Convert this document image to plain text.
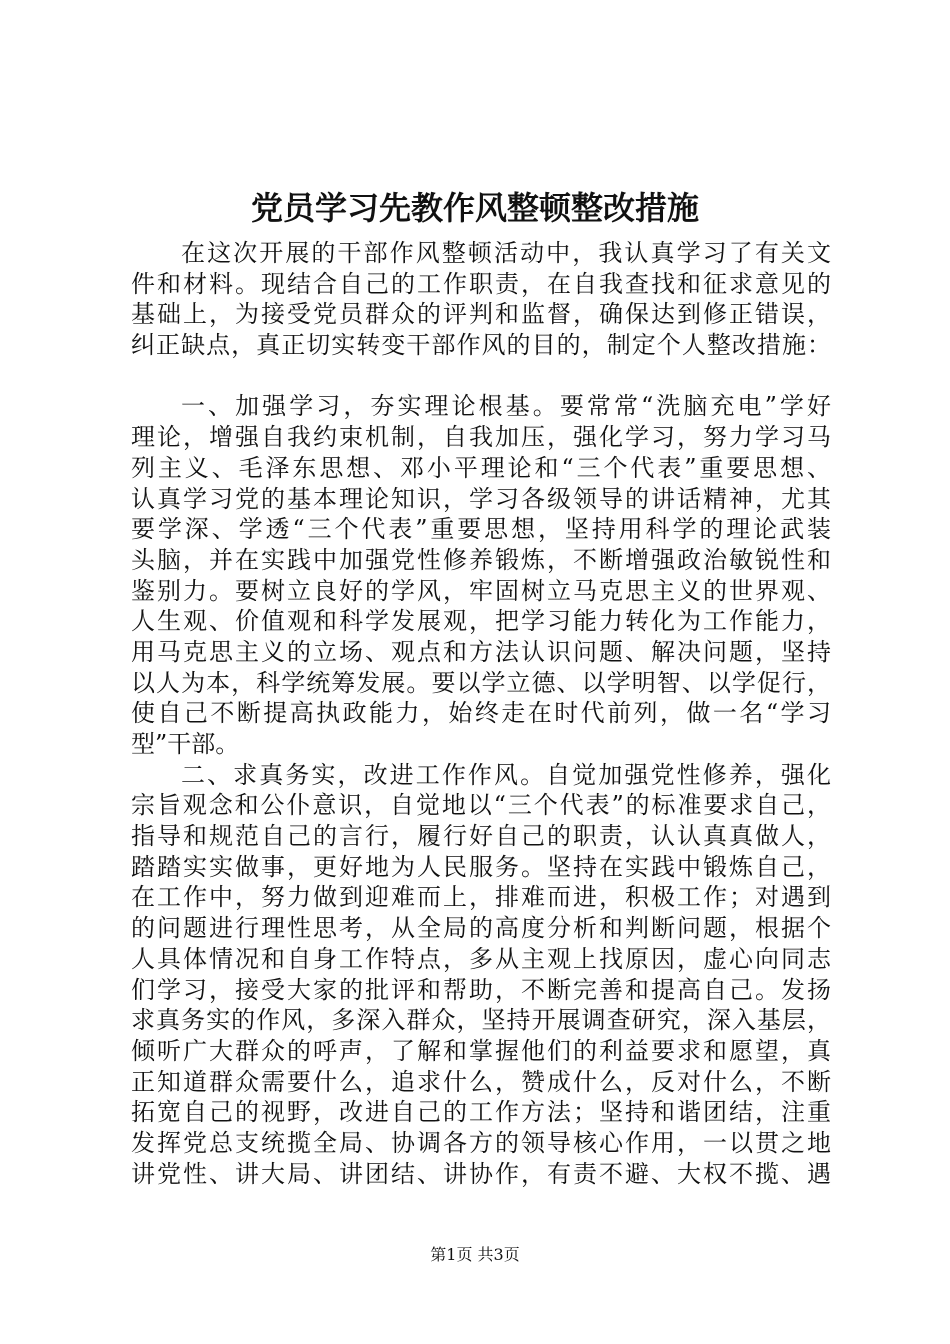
党员学习先教作风整顿整改措施
在这次开展的干部作风整顿活动中，我认真学习了有关文
件和材料。现结合自己的工作职责，在自我查找和征求意见的
基础上，为接受党员群众的评判和监督，确保达到修正错误，
纠正缺点，真正切实转变干部作风的目的，制定个人整改措施：
一、加强学习，夯实理论根基。要常常“洗脑充电”学好
理论，增强自我约束机制，自我加压，强化学习，努力学习马
列主义、毛泽东思想、邓小平理论和“三个代表”重要思想、
认真学习党的基本理论知识，学习各级领导的讲话精神，尤其
要学深、学透“三个代表”重要思想，坚持用科学的理论武装
头脑，并在实践中加强党性修养锻炼，不断增强政治敏锐性和
鉴别力。要树立良好的学风，牢固树立马克思主义的世界观、
人生观、价值观和科学发展观，把学习能力转化为工作能力，
用马克思主义的立场、观点和方法认识问题、解决问题，坚持
以人为本，科学统筹发展。要以学立德、以学明智、以学促行，
使自己不断提高执政能力，始终走在时代前列，做一名“学习
型”干部。
二、求真务实，改进工作作风。自觉加强党性修养，强化
宗旨观念和公仆意识，自觉地以“三个代表”的标准要求自己，
指导和规范自己的言行，履行好自己的职责，认认真真做人，
踏踏实实做事，更好地为人民服务。坚持在实践中锻炼自己，
在工作中，努力做到迎难而上，排难而进，积极工作；对遇到
的问题进行理性思考，从全局的高度分析和判断问题，根据个
人具体情况和自身工作特点，多从主观上找原因，虚心向同志
们学习，接受大家的批评和帮助，不断完善和提高自己。发扬
求真务实的作风，多深入群众，坚持开展调查研究，深入基层，
倾听广大群众的呼声，了解和掌握他们的利益要求和愿望，真
正知道群众需要什么，追求什么，赞成什么，反对什么，不断
拓宽自己的视野，改进自己的工作方法；坚持和谐团结，注重
发挥党总支统揽全局、协调各方的领导核心作用，一以贯之地
讲党性、讲大局、讲团结、讲协作，有责不避、大权不揽、遇
第1页 共3页
